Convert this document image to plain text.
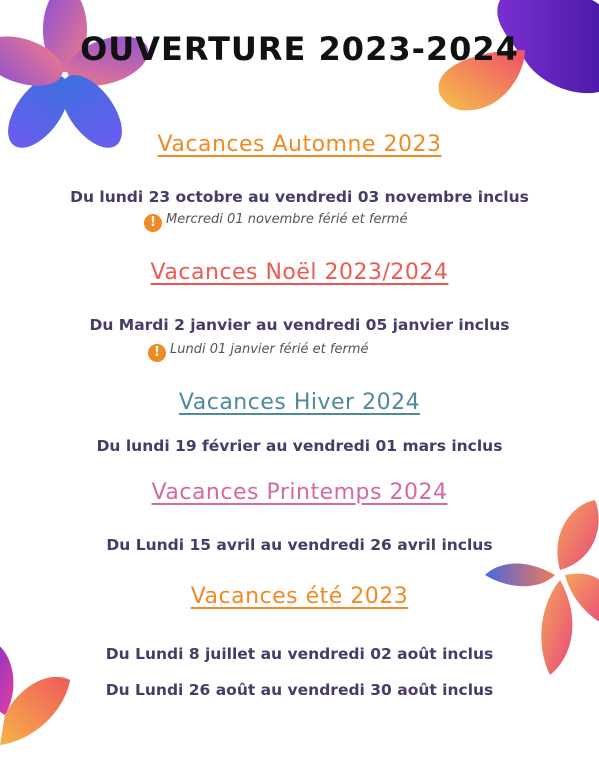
OUVERTURE 2023-2024
Vacances Automne 2023
Du lundi 23 octobre au vendredi 03 novembre inclus
! Mercredi 01 novembre férié et fermé
Vacances Noël 2023/2024
Du Mardi 2 janvier au vendredi 05 janvier inclus
! Lundi 01 janvier férié et fermé
Vacances Hiver 2024
Du lundi 19 février au vendredi 01 mars inclus
Vacances Printemps 2024
Du Lundi 15 avril au vendredi 26 avril inclus
Vacances été 2023
Du Lundi 8 juillet au vendredi 02 août inclus
Du Lundi 26 août au vendredi 30 août inclus
